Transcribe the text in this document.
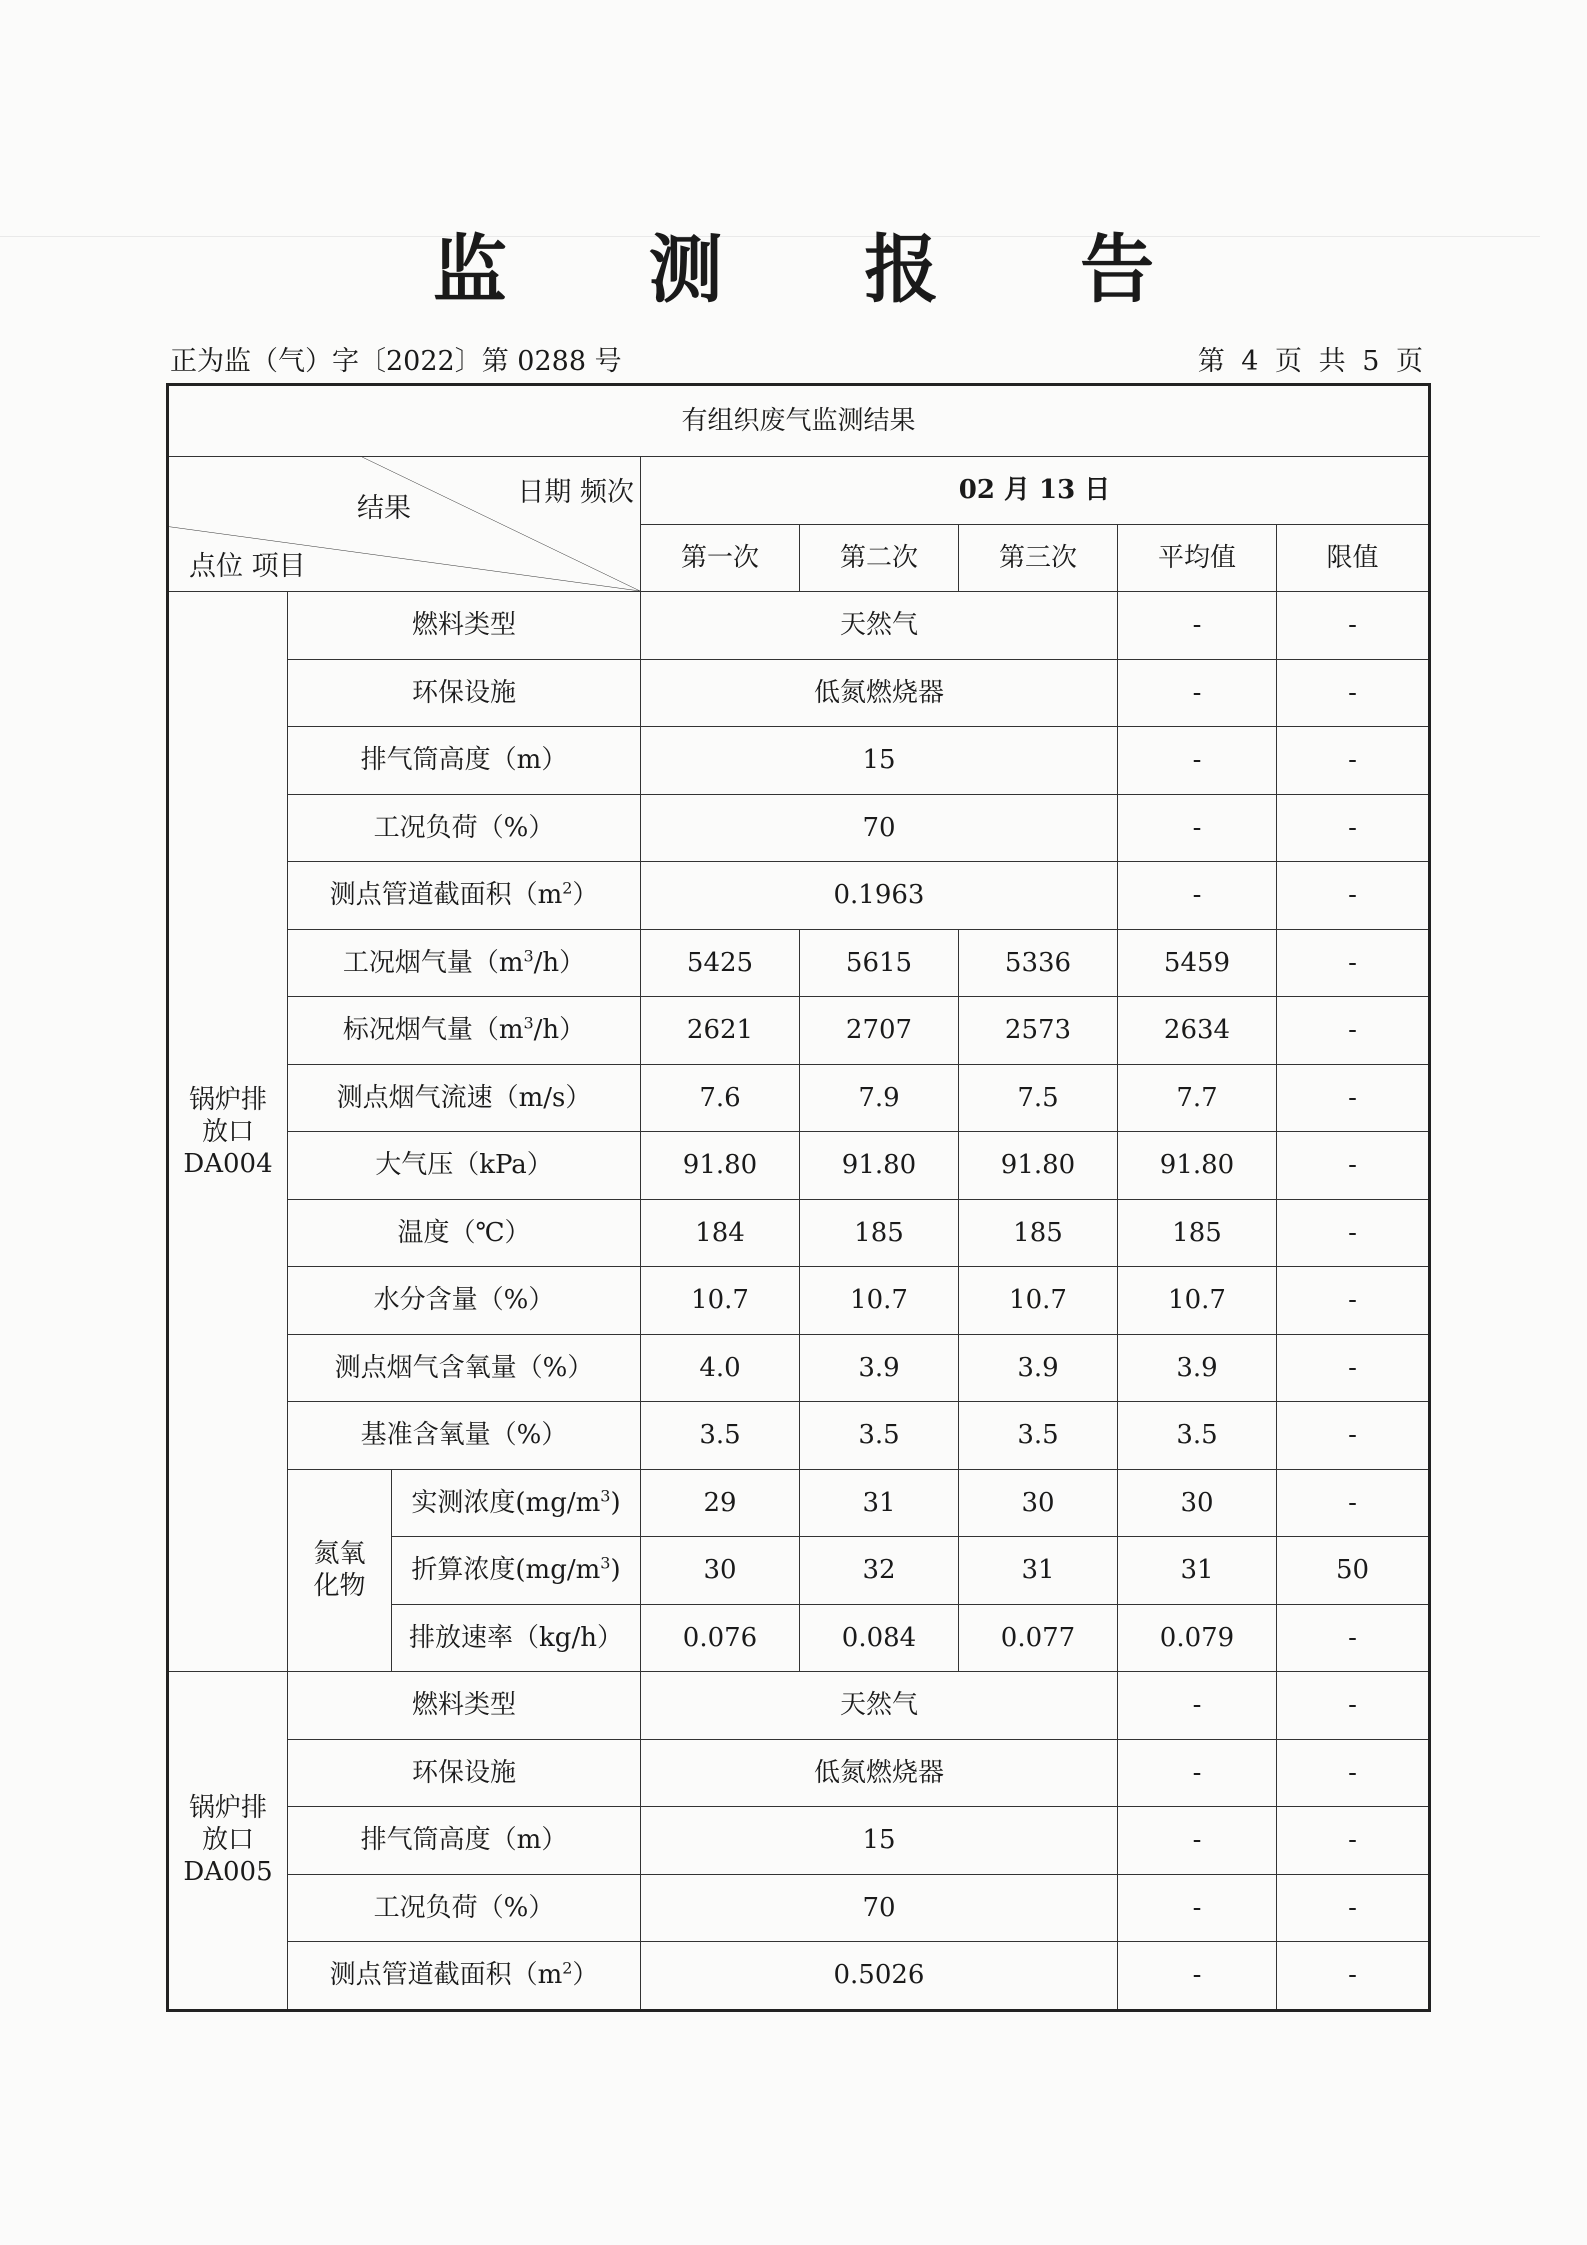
监 测 报 告
正为监（气）字〔2022〕第 0288 号	第 4 页 共 5 页
有组织废气监测结果							

日期 频次
结果
点位 项目			02 月 13 日				
			第一次	第二次	第三次	平均值	限值
锅炉排
放口
DA004	燃料类型		天然气			-	-
	环保设施		低氮燃烧器			-	-
	排气筒高度（m）		15			-	-
	工况负荷（%）		70			-	-
	测点管道截面积$(m^2)$		0.1963			-	-
	工况烟气量$(m^3/h)$		5425	5615	5336	5459	-
	标况烟气量$(m^3/h)$		2621	2707	2573	2634	-
	测点烟气流速（m/s）		7.6	7.9	7.5	7.7	-
	大气压（kPa）		91.80	91.80	91.80	91.80	-
	温度（℃）		184	185	185	185	-
	水分含量（%）		10.7	10.7	10.7	10.7	-
	测点烟气含氧量（%）		4.0	3.9	3.9	3.9	-
	基准含氧量（%）		3.5	3.5	3.5	3.5	-
	氮氧
化物	实测浓度$(mg/m^3)$	29	31	30	30	-
		折算浓度$(mg/m^3)$	30	32	31	31	50
		排放速率（kg/h）	0.076	0.084	0.077	0.079	-
锅炉排
放口
DA005	燃料类型		天然气			-	-
	环保设施		低氮燃烧器			-	-
	排气筒高度（m）		15			-	-
	工况负荷（%）		70			-	-
	测点管道截面积$(m^2)$		0.5026			-	-
